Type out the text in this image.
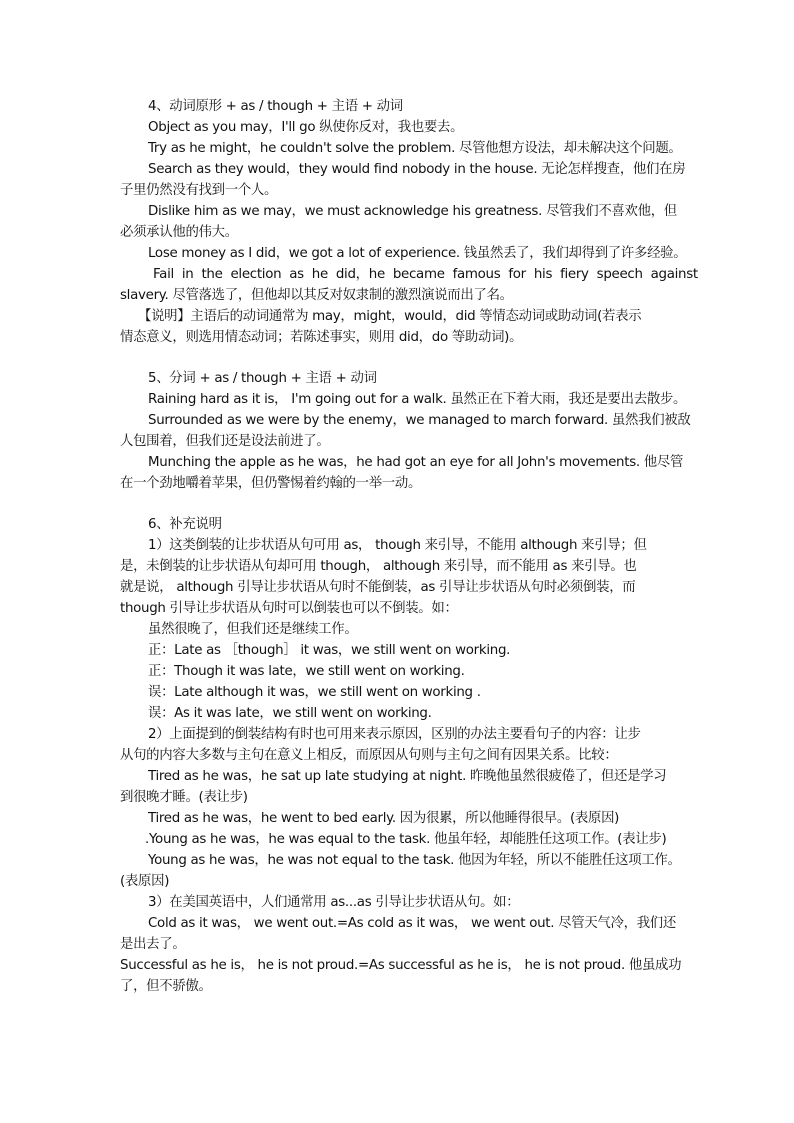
4、动词原形 + as / though + 主语 + 动词
Object as you may，I'll go 纵使你反对，我也要去。
Try as he might，he couldn't solve the problem. 尽管他想方设法，却未解决这个问题。
Search as they would，they would find nobody in the house. 无论怎样搜查，他们在房
子里仍然没有找到一个人。
Dislike him as we may，we must acknowledge his greatness. 尽管我们不喜欢他，但
必须承认他的伟大。
Lose money as I did，we got a lot of experience. 钱虽然丢了，我们却得到了许多经验。
Fail in the election as he did，he became famous for his fiery speech against
slavery. 尽管落选了，但他却以其反对奴隶制的激烈演说而出了名。
【说明】主语后的动词通常为 may，might，would，did 等情态动词或助动词(若表示
情态意义，则选用情态动词；若陈述事实，则用 did，do 等助动词)。
5、分词 + as / though + 主语 + 动词
Raining hard as it is， I'm going out for a walk. 虽然正在下着大雨，我还是要出去散步。
Surrounded as we were by the enemy，we managed to march forward. 虽然我们被敌
人包围着，但我们还是设法前进了。
Munching the apple as he was，he had got an eye for all John's movements. 他尽管
在一个劲地嚼着苹果，但仍警惕着约翰的一举一动。
6、补充说明
1）这类倒装的让步状语从句可用 as， though 来引导，不能用 although 来引导；但
是，未倒装的让步状语从句却可用 though， although 来引导，而不能用 as 来引导。也
就是说， although 引导让步状语从句时不能倒装，as 引导让步状语从句时必须倒装，而
though 引导让步状语从句时可以倒装也可以不倒装。如：
虽然很晚了，但我们还是继续工作。
正：Late as ［though］ it was，we still went on working.
正：Though it was late，we still went on working.
误：Late although it was，we still went on working .
误：As it was late，we still went on working.
2）上面提到的倒装结构有时也可用来表示原因，区别的办法主要看句子的内容：让步
从句的内容大多数与主句在意义上相反，而原因从句则与主句之间有因果关系。比较：
Tired as he was，he sat up late studying at night. 昨晚他虽然很疲倦了，但还是学习
到很晚才睡。(表让步)
Tired as he was，he went to bed early. 因为很累，所以他睡得很早。(表原因)
.Young as he was，he was equal to the task. 他虽年轻，却能胜任这项工作。(表让步)
Young as he was，he was not equal to the task. 他因为年轻，所以不能胜任这项工作。
(表原因)
3）在美国英语中，人们通常用 as...as 引导让步状语从句。如：
Cold as it was， we went out.=As cold as it was， we went out. 尽管天气冷，我们还
是出去了。
Successful as he is， he is not proud.=As successful as he is， he is not proud. 他虽成功
了，但不骄傲。
